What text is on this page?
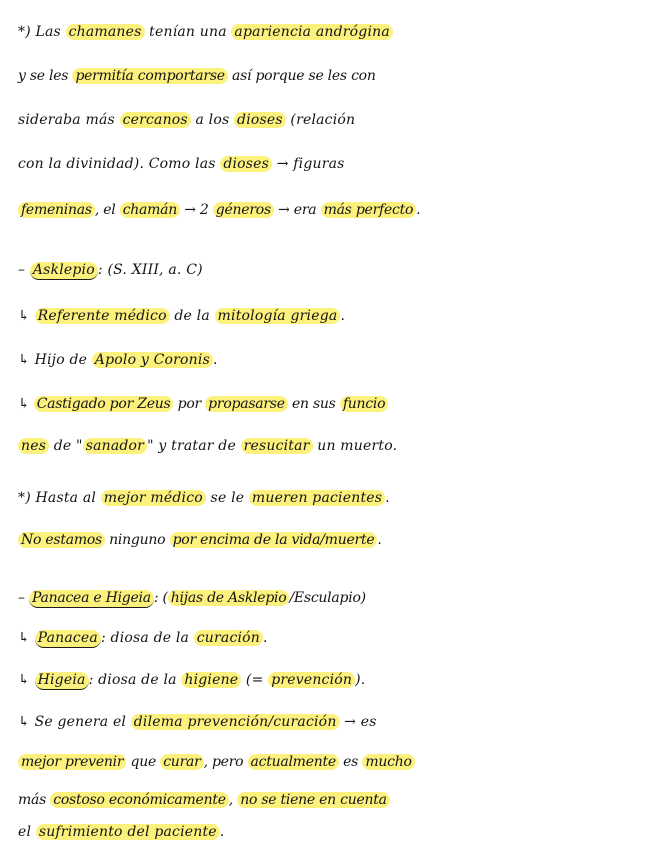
*) Las chamanes tenían una apariencia andrógina
y se les permitía comportarse así porque se les con
sideraba más cercanos a los dioses (relación
con la divinidad). Como las dioses → figuras
femeninas , el chamán → 2 géneros → era más perfecto .
– Asklepio : (S. XIII, a. C)
↳ Referente médico de la mitología griega .
↳ Hijo de Apolo y Coronis .
↳ Castigado por Zeus por propasarse en sus funcio
nes de " sanador " y tratar de resucitar un muerto.
*) Hasta al mejor médico se le mueren pacientes .
No estamos ninguno por encima de la vida/muerte .
– Panacea e Higeia : ( hijas de Asklepio /Esculapio)
↳ Panacea : diosa de la curación .
↳ Higeia : diosa de la higiene (= prevención ).
↳ Se genera el dilema prevención/curación → es
mejor prevenir que curar , pero actualmente es mucho
más costoso económicamente , no se tiene en cuenta
el sufrimiento del paciente .
